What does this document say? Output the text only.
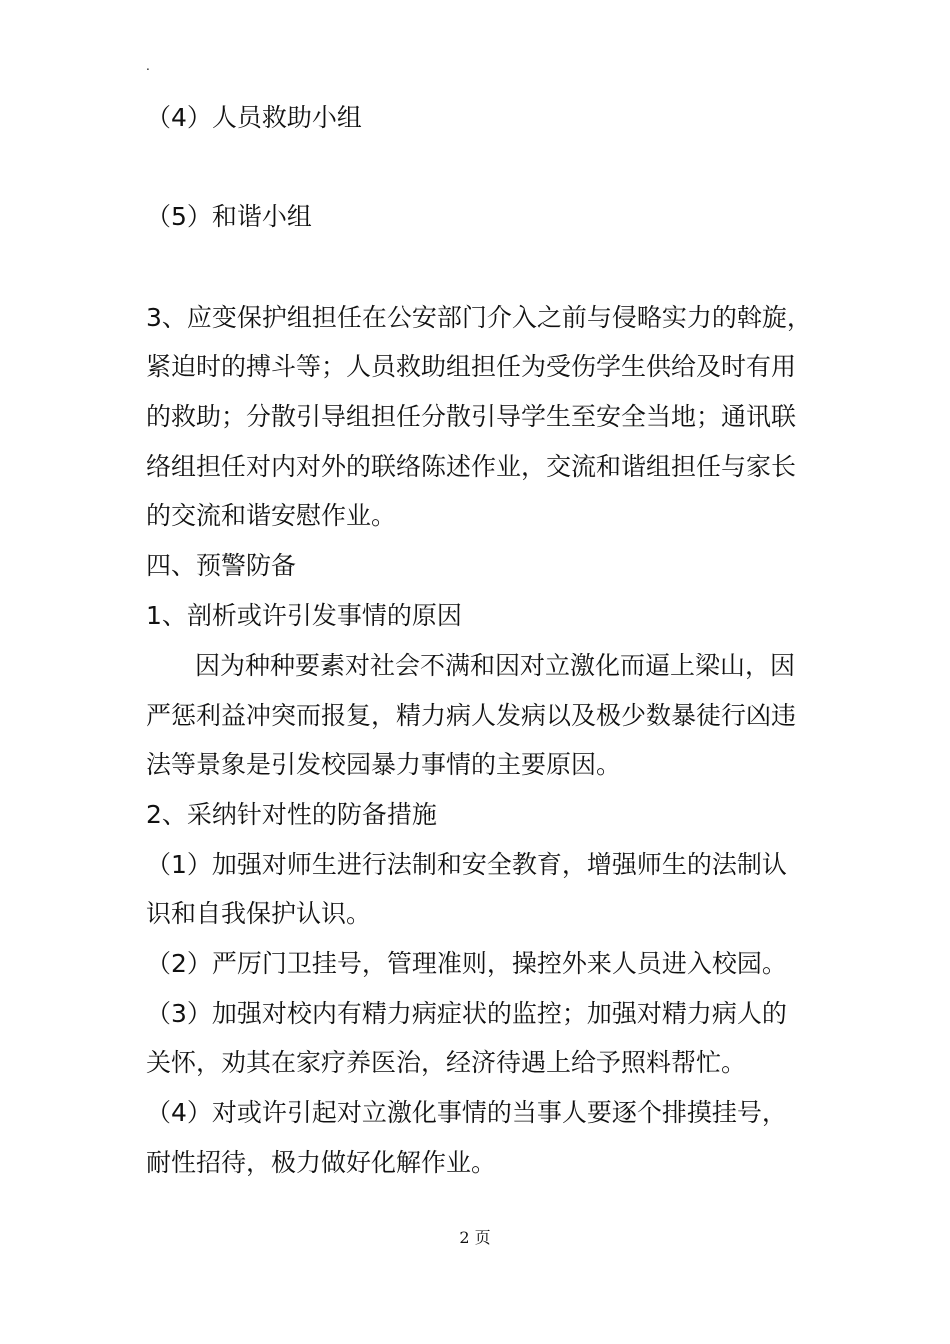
.
（4）人员救助小组
（5）和谐小组
3、应变保护组担任在公安部门介入之前与侵略实力的斡旋，
紧迫时的搏斗等；人员救助组担任为受伤学生供给及时有用
的救助；分散引导组担任分散引导学生至安全当地；通讯联
络组担任对内对外的联络陈述作业，交流和谐组担任与家长
的交流和谐安慰作业。
四、预警防备
1、剖析或许引发事情的原因
因为种种要素对社会不满和因对立激化而逼上梁山，因
严惩利益冲突而报复，精力病人发病以及极少数暴徒行凶违
法等景象是引发校园暴力事情的主要原因。
2、采纳针对性的防备措施
（1）加强对师生进行法制和安全教育，增强师生的法制认
识和自我保护认识。
（2）严厉门卫挂号，管理准则，操控外来人员进入校园。
（3）加强对校内有精力病症状的监控；加强对精力病人的
关怀，劝其在家疗养医治，经济待遇上给予照料帮忙。
（4）对或许引起对立激化事情的当事人要逐个排摸挂号，
耐性招待，极力做好化解作业。
2 页
